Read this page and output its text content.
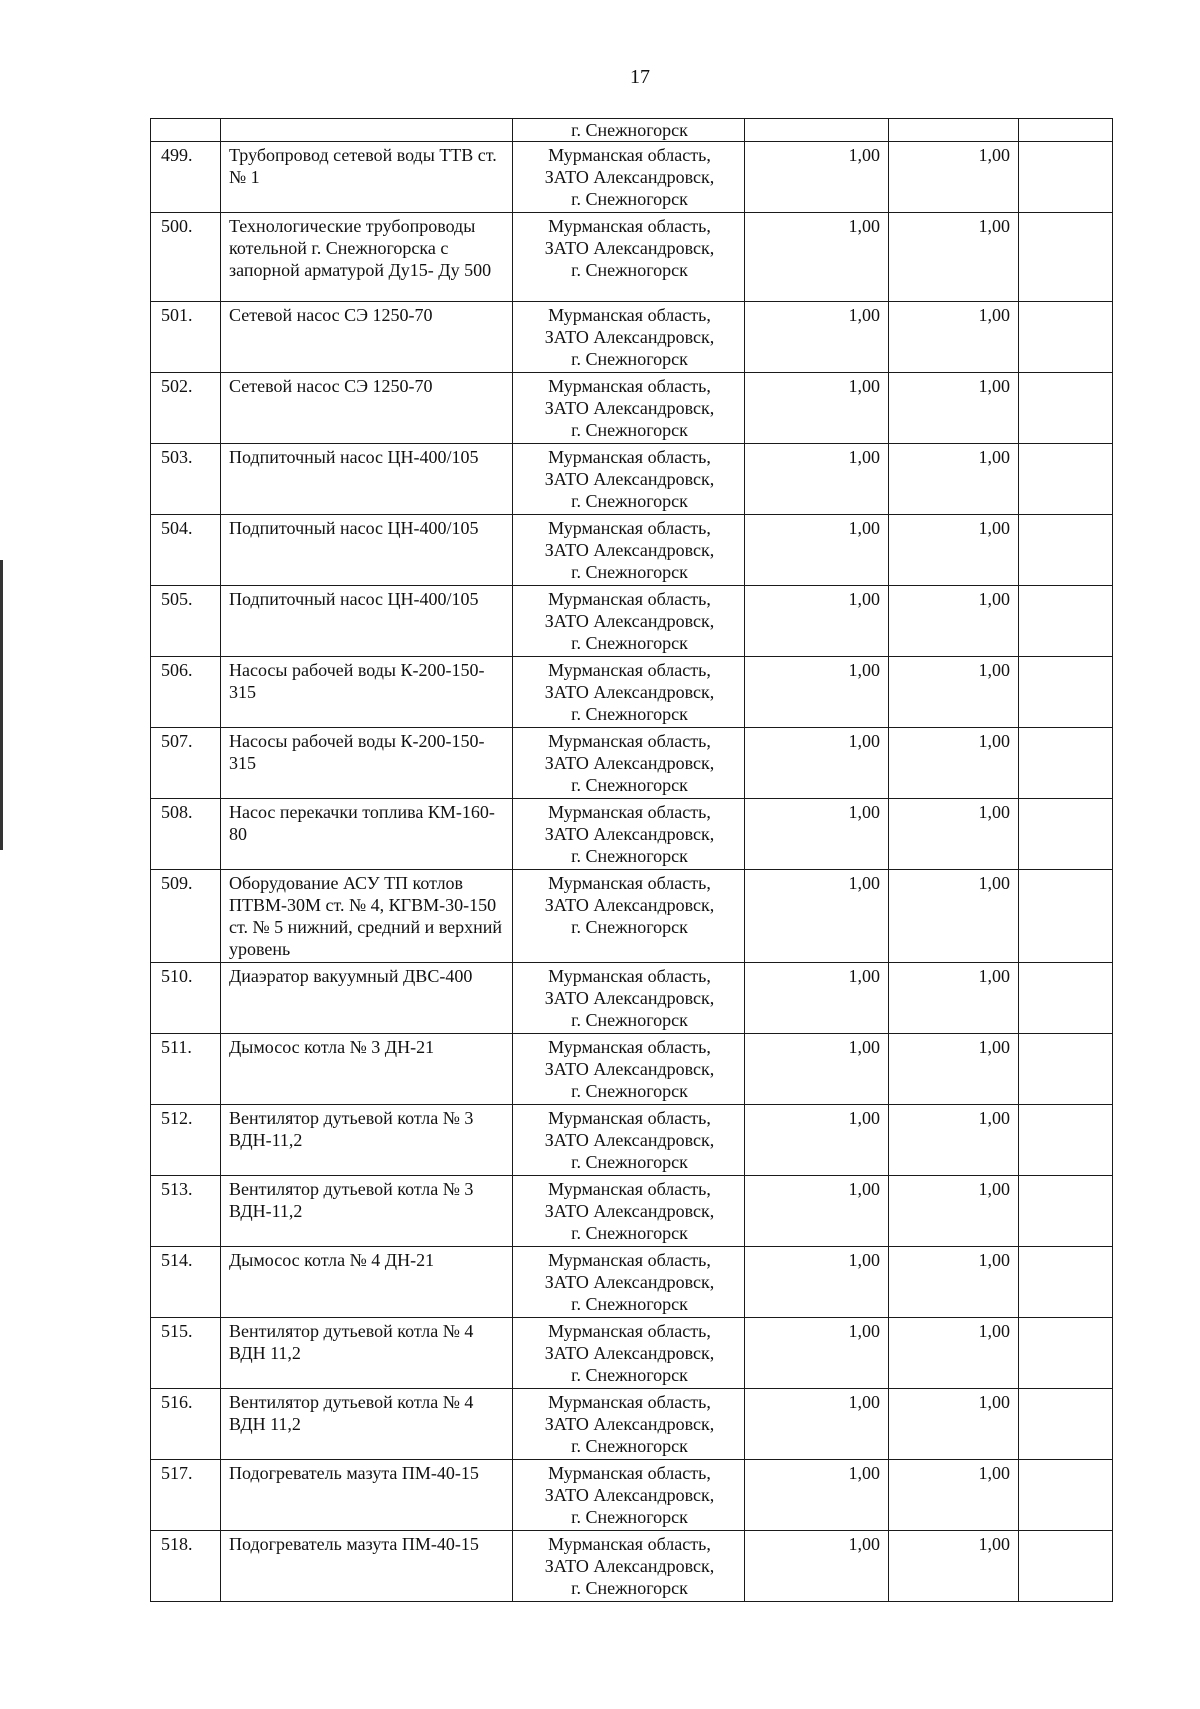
17
		г. Снежногорск			
499.	Трубопровод сетевой воды ТТВ ст. № 1	Мурманская область,
ЗАТО Александровск,
г. Снежногорск	1,00	1,00	
500.	Технологические трубопроводы котельной г. Снежногорска с запорной арматурой Ду15- Ду 500	Мурманская область,
ЗАТО Александровск,
г. Снежногорск	1,00	1,00	
501.	Сетевой насос СЭ 1250-70	Мурманская область,
ЗАТО Александровск,
г. Снежногорск	1,00	1,00	
502.	Сетевой насос СЭ 1250-70	Мурманская область,
ЗАТО Александровск,
г. Снежногорск	1,00	1,00	
503.	Подпиточный насос ЦН-400/105	Мурманская область,
ЗАТО Александровск,
г. Снежногорск	1,00	1,00	
504.	Подпиточный насос ЦН-400/105	Мурманская область,
ЗАТО Александровск,
г. Снежногорск	1,00	1,00	
505.	Подпиточный насос ЦН-400/105	Мурманская область,
ЗАТО Александровск,
г. Снежногорск	1,00	1,00	
506.	Насосы рабочей воды К-200-150-315	Мурманская область,
ЗАТО Александровск,
г. Снежногорск	1,00	1,00	
507.	Насосы рабочей воды К-200-150-315	Мурманская область,
ЗАТО Александровск,
г. Снежногорск	1,00	1,00	
508.	Насос перекачки топлива КМ-160-80	Мурманская область,
ЗАТО Александровск,
г. Снежногорск	1,00	1,00	
509.	Оборудование АСУ ТП котлов ПТВМ-30М ст. № 4, КГВМ-30-150 ст. № 5 нижний, средний и верхний уровень	Мурманская область,
ЗАТО Александровск,
г. Снежногорск	1,00	1,00	
510.	Диаэратор вакуумный ДВС-400	Мурманская область,
ЗАТО Александровск,
г. Снежногорск	1,00	1,00	
511.	Дымосос котла № 3 ДН-21	Мурманская область,
ЗАТО Александровск,
г. Снежногорск	1,00	1,00	
512.	Вентилятор дутьевой котла № 3 ВДН-11,2	Мурманская область,
ЗАТО Александровск,
г. Снежногорск	1,00	1,00	
513.	Вентилятор дутьевой котла № 3 ВДН-11,2	Мурманская область,
ЗАТО Александровск,
г. Снежногорск	1,00	1,00	
514.	Дымосос котла № 4 ДН-21	Мурманская область,
ЗАТО Александровск,
г. Снежногорск	1,00	1,00	
515.	Вентилятор дутьевой котла № 4 ВДН 11,2	Мурманская область,
ЗАТО Александровск,
г. Снежногорск	1,00	1,00	
516.	Вентилятор дутьевой котла № 4 ВДН 11,2	Мурманская область,
ЗАТО Александровск,
г. Снежногорск	1,00	1,00	
517.	Подогреватель мазута ПМ-40-15	Мурманская область,
ЗАТО Александровск,
г. Снежногорск	1,00	1,00	
518.	Подогреватель мазута ПМ-40-15	Мурманская область,
ЗАТО Александровск,
г. Снежногорск	1,00	1,00	
